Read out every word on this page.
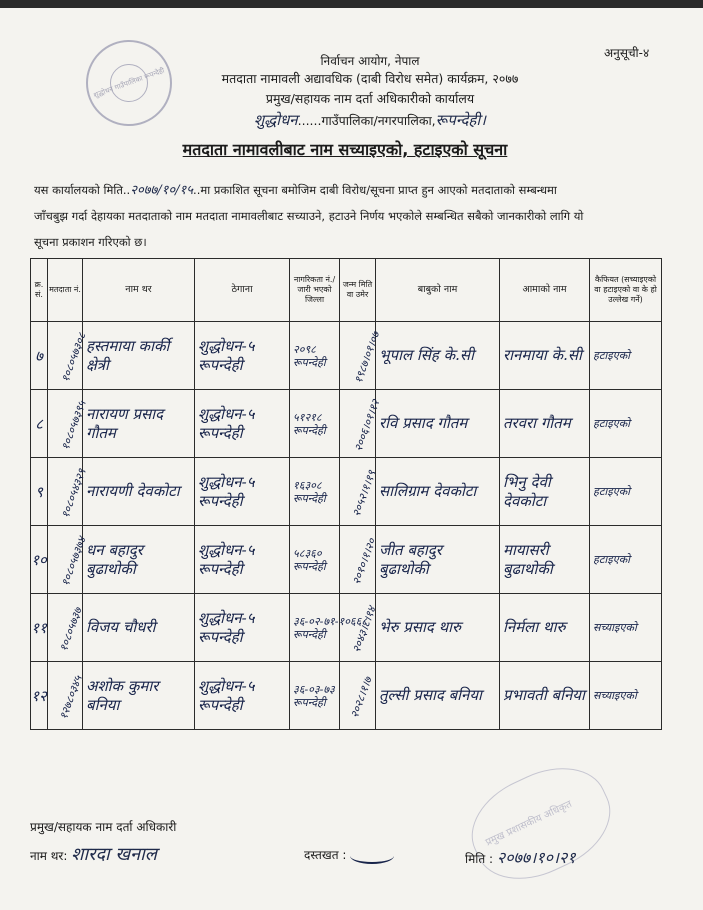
शुद्धोधन गाउँपालिका रूपन्देही
अनुसूची-४
निर्वाचन आयोग, नेपाल
मतदाता नामावली अद्यावधिक (दाबी विरोध समेत) कार्यक्रम, २०७७
प्रमुख/सहायक नाम दर्ता अधिकारीको कार्यालय
शुद्धोधन......गाउँपालिका/नगरपालिका,रूपन्देही।
मतदाता नामावलीबाट नाम सच्याइएको, हटाइएको सूचना
यस कार्यालयको मिति..२०७७/१०/१५..मा प्रकाशित सूचना बमोजिम दाबी विरोध/सूचना प्राप्त हुन आएको मतदाताको सम्बन्धमा
जाँचबुझ गर्दा देहायका मतदाताको नाम मतदाता नामावलीबाट सच्याउने, हटाउने निर्णय भएकोले सम्बन्धित सबैको जानकारीको लागि यो
सूचना प्रकाशन गरिएको छ।
क्र. सं.	मतदाता नं.	नाम थर	ठेगाना	नागरिकता नं./जारी भएको जिल्ला	जन्म मिति वा उमेर	बाबुको नाम	आमाको नाम	कैफियत (सच्याइएको वा हटाइएको वा के हो उल्लेख गर्ने)
७	१०८०५७३०८	हस्तमाया कार्की क्षेत्री	शुद्धोधन-५ रूपन्देही	२०९८ रूपन्देही	१९८७।०१।०७	भूपाल सिंह के.सी	रानमाया के.सी	हटाइएको

८	१०८०५७३९५	नारायण प्रसाद गौतम	शुद्धोधन-५ रूपन्देही	५१२१८ रूपन्देही	२००६।०१।१२	रवि प्रसाद गौतम	तरवरा गौतम	हटाइएको

९	१०८०५४३२९	नारायणी देवकोटा	शुद्धोधन-५ रूपन्देही	१६३०८ रूपन्देही	२०५२।१।१९	सालिग्राम देवकोटा	भिनु देवी देवकोटा	हटाइएको

१०	१०८०५७३७४	धन बहादुर बुढाथोकी	शुद्धोधन-५ रूपन्देही	५८३६० रूपन्देही	२०१०।१।२०	जीत बहादुर बुढाथोकी	मायासरी बुढाथोकी	हटाइएको

११	१०८०५७३७	विजय चौधरी	शुद्धोधन-५ रूपन्देही	३६-०२-७१-१०६६८ रूपन्देही	२०४३।८।१४	भेरु प्रसाद थारु	निर्मला थारु	सच्याइएको

१२	१२७८०३४५	अशोक कुमार बनिया	शुद्धोधन-५ रूपन्देही	३६-०३-७३ रूपन्देही	२०२८।१।७	तुल्सी प्रसाद बनिया	प्रभावती बनिया	सच्याइएको
प्रमुख प्रशासकीय अधिकृत
प्रमुख/सहायक नाम दर्ता अधिकारी
नाम थर: शारदा खनाल	दस्तखत :	मिति : २०७७।१०।२१
